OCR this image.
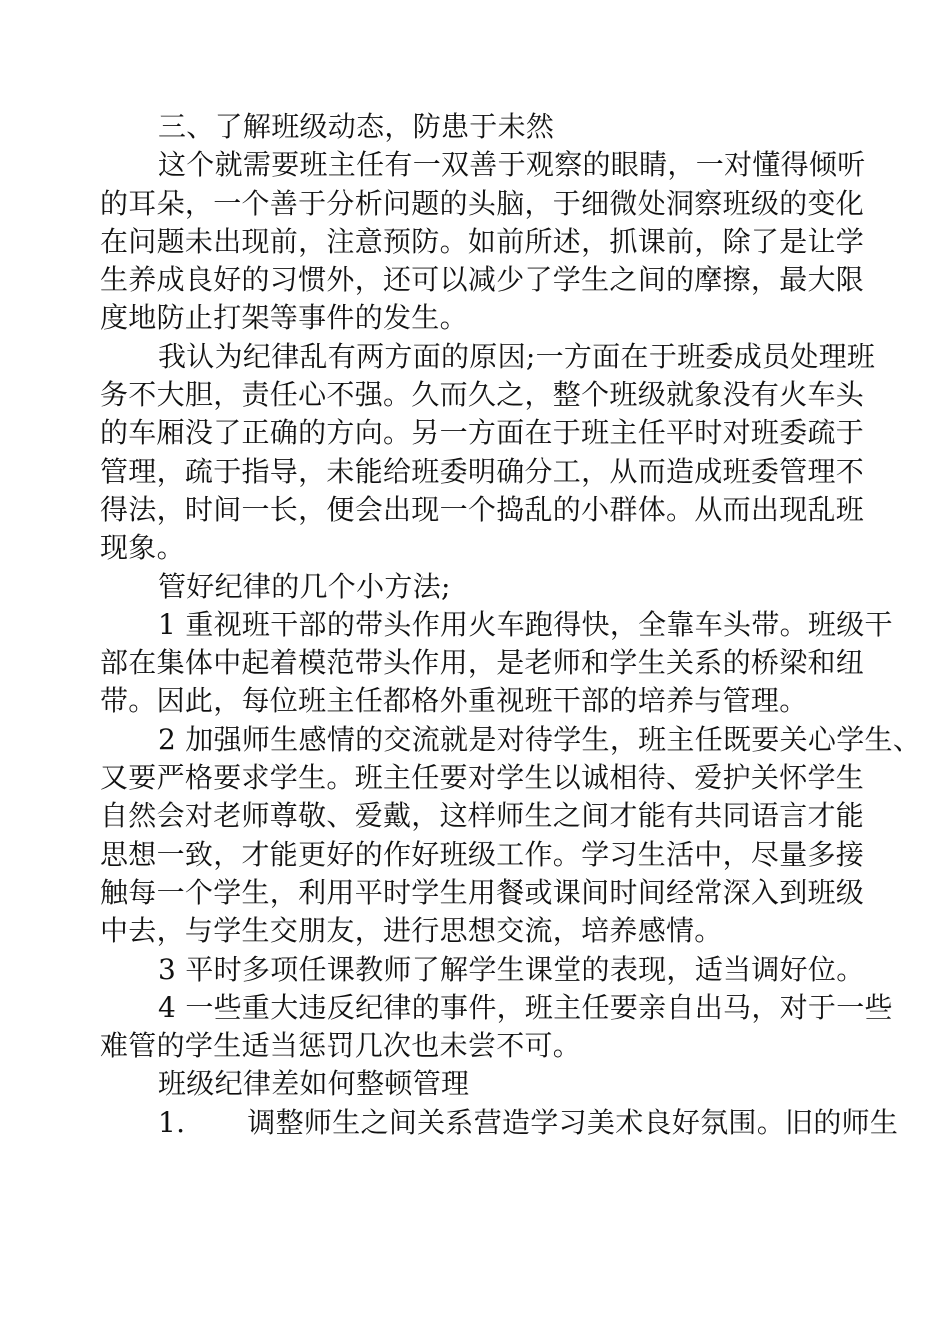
三、了解班级动态，防患于未然
这个就需要班主任有一双善于观察的眼睛，一对懂得倾听
的耳朵，一个善于分析问题的头脑，于细微处洞察班级的变化
在问题未出现前，注意预防。如前所述，抓课前，除了是让学
生养成良好的习惯外，还可以减少了学生之间的摩擦，最大限
度地防止打架等事件的发生。
我认为纪律乱有两方面的原因;一方面在于班委成员处理班
务不大胆，责任心不强。久而久之，整个班级就象没有火车头
的车厢没了正确的方向。另一方面在于班主任平时对班委疏于
管理，疏于指导，未能给班委明确分工，从而造成班委管理不
得法，时间一长，便会出现一个捣乱的小群体。从而出现乱班
现象。
管好纪律的几个小方法;
1 重视班干部的带头作用火车跑得快，全靠车头带。班级干
部在集体中起着模范带头作用，是老师和学生关系的桥梁和纽
带。因此，每位班主任都格外重视班干部的培养与管理。
2 加强师生感情的交流就是对待学生，班主任既要关心学生、
又要严格要求学生。班主任要对学生以诚相待、爱护关怀学生
自然会对老师尊敬、爱戴，这样师生之间才能有共同语言才能
思想一致，才能更好的作好班级工作。学习生活中，尽量多接
触每一个学生，利用平时学生用餐或课间时间经常深入到班级
中去，与学生交朋友，进行思想交流，培养感情。
3 平时多项任课教师了解学生课堂的表现，适当调好位。
4 一些重大违反纪律的事件，班主任要亲自出马，对于一些
难管的学生适当惩罚几次也未尝不可。
班级纪律差如何整顿管理
1. 调整师生之间关系营造学习美术良好氛围。旧的师生
